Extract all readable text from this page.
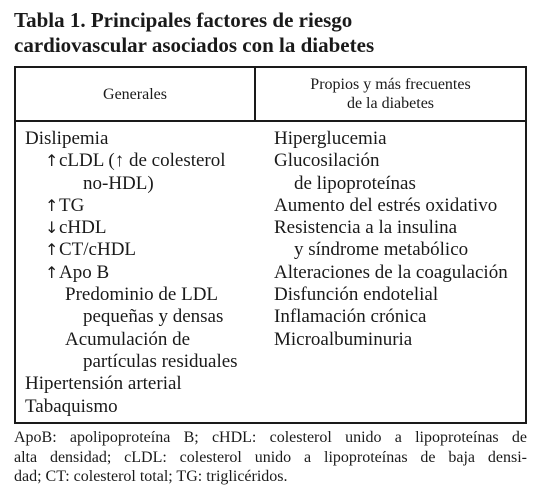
Tabla 1. Principales factores de riesgo
cardiovascular asociados con la diabetes
Generales
Propios y más frecuentes
de la diabetes
Dislipemia
↑cLDL (↑ de colesterol
no-HDL)
↑TG
↓cHDL
↑CT/cHDL
↑Apo B
Predominio de LDL
pequeñas y densas
Acumulación de
partículas residuales
Hipertensión arterial
Tabaquismo
Hiperglucemia
Glucosilación
de lipoproteínas
Aumento del estrés oxidativo
Resistencia a la insulina
y síndrome metabólico
Alteraciones de la coagulación
Disfunción endotelial
Inflamación crónica
Microalbuminuria
ApoB: apolipoproteína B; cHDL: colesterol unido a lipoproteínas de
alta densidad; cLDL: colesterol unido a lipoproteínas de baja densi-
dad; CT: colesterol total; TG: triglicéridos.
